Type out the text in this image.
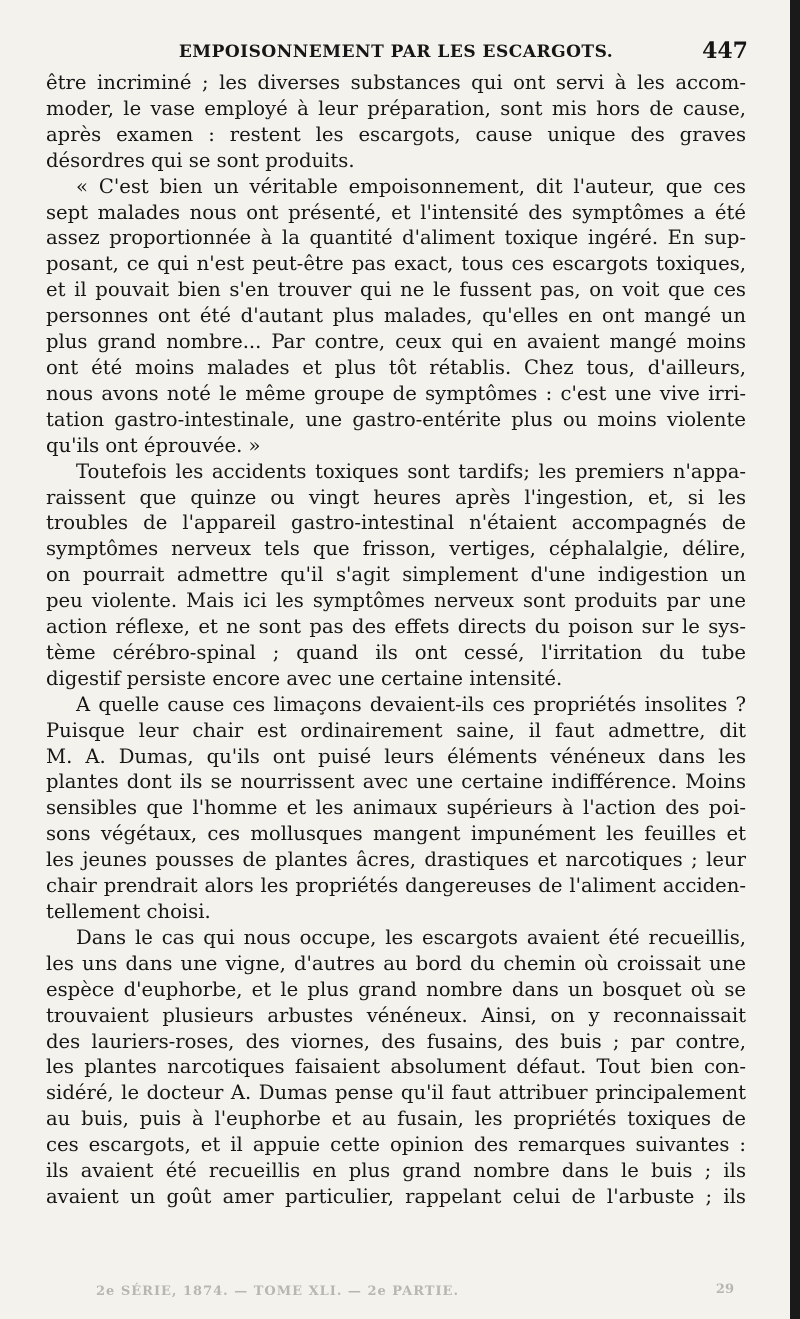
EMPOISONNEMENT PAR LES ESCARGOTS.	447

être incriminé ; les diverses substances qui ont servi à les accom-

moder, le vase employé à leur préparation, sont mis hors de cause,

après examen : restent les escargots, cause unique des graves

désordres qui se sont produits.

« C'est bien un véritable empoisonnement, dit l'auteur, que ces

sept malades nous ont présenté, et l'intensité des symptômes a été

assez proportionnée à la quantité d'aliment toxique ingéré. En sup-

posant, ce qui n'est peut-être pas exact, tous ces escargots toxiques,

et il pouvait bien s'en trouver qui ne le fussent pas, on voit que ces

personnes ont été d'autant plus malades, qu'elles en ont mangé un

plus grand nombre... Par contre, ceux qui en avaient mangé moins

ont été moins malades et plus tôt rétablis. Chez tous, d'ailleurs,

nous avons noté le même groupe de symptômes : c'est une vive irri-

tation gastro-intestinale, une gastro-entérite plus ou moins violente

qu'ils ont éprouvée. »

Toutefois les accidents toxiques sont tardifs; les premiers n'appa-

raissent que quinze ou vingt heures après l'ingestion, et, si les

troubles de l'appareil gastro-intestinal n'étaient accompagnés de

symptômes nerveux tels que frisson, vertiges, céphalalgie, délire,

on pourrait admettre qu'il s'agit simplement d'une indigestion un

peu violente. Mais ici les symptômes nerveux sont produits par une

action réflexe, et ne sont pas des effets directs du poison sur le sys-

tème cérébro-spinal ; quand ils ont cessé, l'irritation du tube

digestif persiste encore avec une certaine intensité.

A quelle cause ces limaçons devaient-ils ces propriétés insolites ?

Puisque leur chair est ordinairement saine, il faut admettre, dit

M. A. Dumas, qu'ils ont puisé leurs éléments vénéneux dans les

plantes dont ils se nourrissent avec une certaine indifférence. Moins

sensibles que l'homme et les animaux supérieurs à l'action des poi-

sons végétaux, ces mollusques mangent impunément les feuilles et

les jeunes pousses de plantes âcres, drastiques et narcotiques ; leur

chair prendrait alors les propriétés dangereuses de l'aliment acciden-

tellement choisi.

Dans le cas qui nous occupe, les escargots avaient été recueillis,

les uns dans une vigne, d'autres au bord du chemin où croissait une

espèce d'euphorbe, et le plus grand nombre dans un bosquet où se

trouvaient plusieurs arbustes vénéneux. Ainsi, on y reconnaissait

des lauriers-roses, des viornes, des fusains, des buis ; par contre,

les plantes narcotiques faisaient absolument défaut. Tout bien con-

sidéré, le docteur A. Dumas pense qu'il faut attribuer principalement

au buis, puis à l'euphorbe et au fusain, les propriétés toxiques de

ces escargots, et il appuie cette opinion des remarques suivantes :

ils avaient été recueillis en plus grand nombre dans le buis ; ils

avaient un goût amer particulier, rappelant celui de l'arbuste ; ils

2e SÉRIE, 1874. — TOME XLI. — 2e PARTIE.	29
